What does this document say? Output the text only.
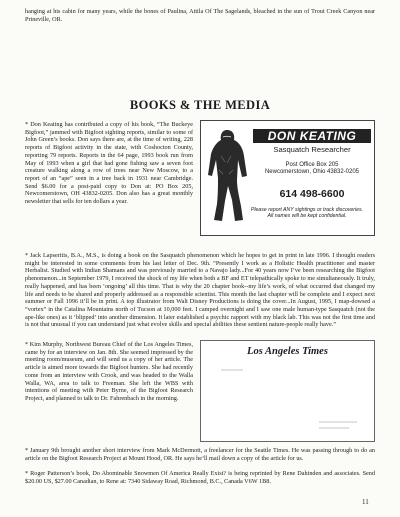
hanging at his cabin for many years, while the bones of Paulina, Attila Of The Sagelands, bleached in the sun of Trout Creek Canyon near Prineville, OR.

BOOKS & THE MEDIA

* Don Keating has contributed a copy of his book, “The Buckeye Bigfoot,” jammed with Bigfoot sighting reports, similar to some of John Green’s books. Don says there are, at the time of writing, 228 reports of Bigfoot activity in the state, with Coshocton County, reporting 79 reports. Reports in the 64 page, 1993 book run from May of 1993 when a girl that had gone fishing saw a seven foot creature walking along a row of trees near New Moscow, to a report of an “ape” seen in a tree back in 1931 near Cambridge. Send $6.00 for a post-paid copy to Don at: PO Box 205, Newcomerstown, OH 43832-0205. Don also has a great monthly newsletter that sells for ten dollars a year.

DON KEATING
Sasquatch Researcher
Post Office Box 205
Newcomerstown, Ohio 43832-0205
614 498-6600
Please report ANY sightings or track discoveries.
All names will be kept confidential.

* Jack Lapseritis, B.A., M.S., is doing a book on the Sasquatch phenomenon which he hopes to get in print in late 1996. I thought readers might be interested in some comments from his last letter of Dec. 9th. “Presently I work as a Holistic Health practitioner and master Herbalist. Studied with Indian Shamans and was previously married to a Navajo lady...For 40 years now I’ve been researching the Bigfoot phenomenon...in September 1979, I received the shock of my life when both a BF and ET telepathically spoke to me simultaneously. It truly, really happened, and has been ‘ongoing’ all this time. That is why the 20 chapter book--my life’s work, of what occurred that changed my life and needs to be shared and properly addressed as a responsible scientist. This month the last chapter will be complete and I expect next summer or Fall 1996 it’ll be in print. A top illustrator from Walt Disney Productions is doing the cover...In August, 1995, I map-dowsed a “vortex” in the Catalina Mountains north of Tucson at 10,000 feet. I camped overnight and I saw one male human-type Sasquatch (not the ape-like ones) as it ‘blipped’ into another dimension. It later established a psychic rapport with my black lab. This was not the first time and is not that unusual if you can understand just what evolve skills and special abilities these sentient nature-people really have.”

* Kim Murphy, Northwest Bureau Chief of the Los Angeles Times, came by for an interview on Jan. 8th. She seemed impressed by the meeting room/museum, and will send us a copy of her article. The article is aimed more towards the Bigfoot hunters. She had recently come from an interview with Crook, and was headed to the Walla Walla, WA, area to talk to Freeman. She left the WBS with intentions of meeting with Peter Byrne, of the Bigfoot Research Project, and planned to talk to Dr. Fahrenbach in the morning.

Los Angeles Times

* January 9th brought another short interview from Mark McDermott, a freelancer for the Seattle Times. He was passing through to do an article on the Bigfoot Research Project at Mount Hood, OR. He says he’ll mail down a copy of the article for us.

* Roger Patterson’s book, Do Abominable Snowmen Of America Really Exist? is being reprinted by Rene Dahinden and associates. Send $20.00 US, $27.00 Canadian, to Rene at: 7340 Sidaway Road, Richmond, B.C., Canada V6W 1B8.

11
